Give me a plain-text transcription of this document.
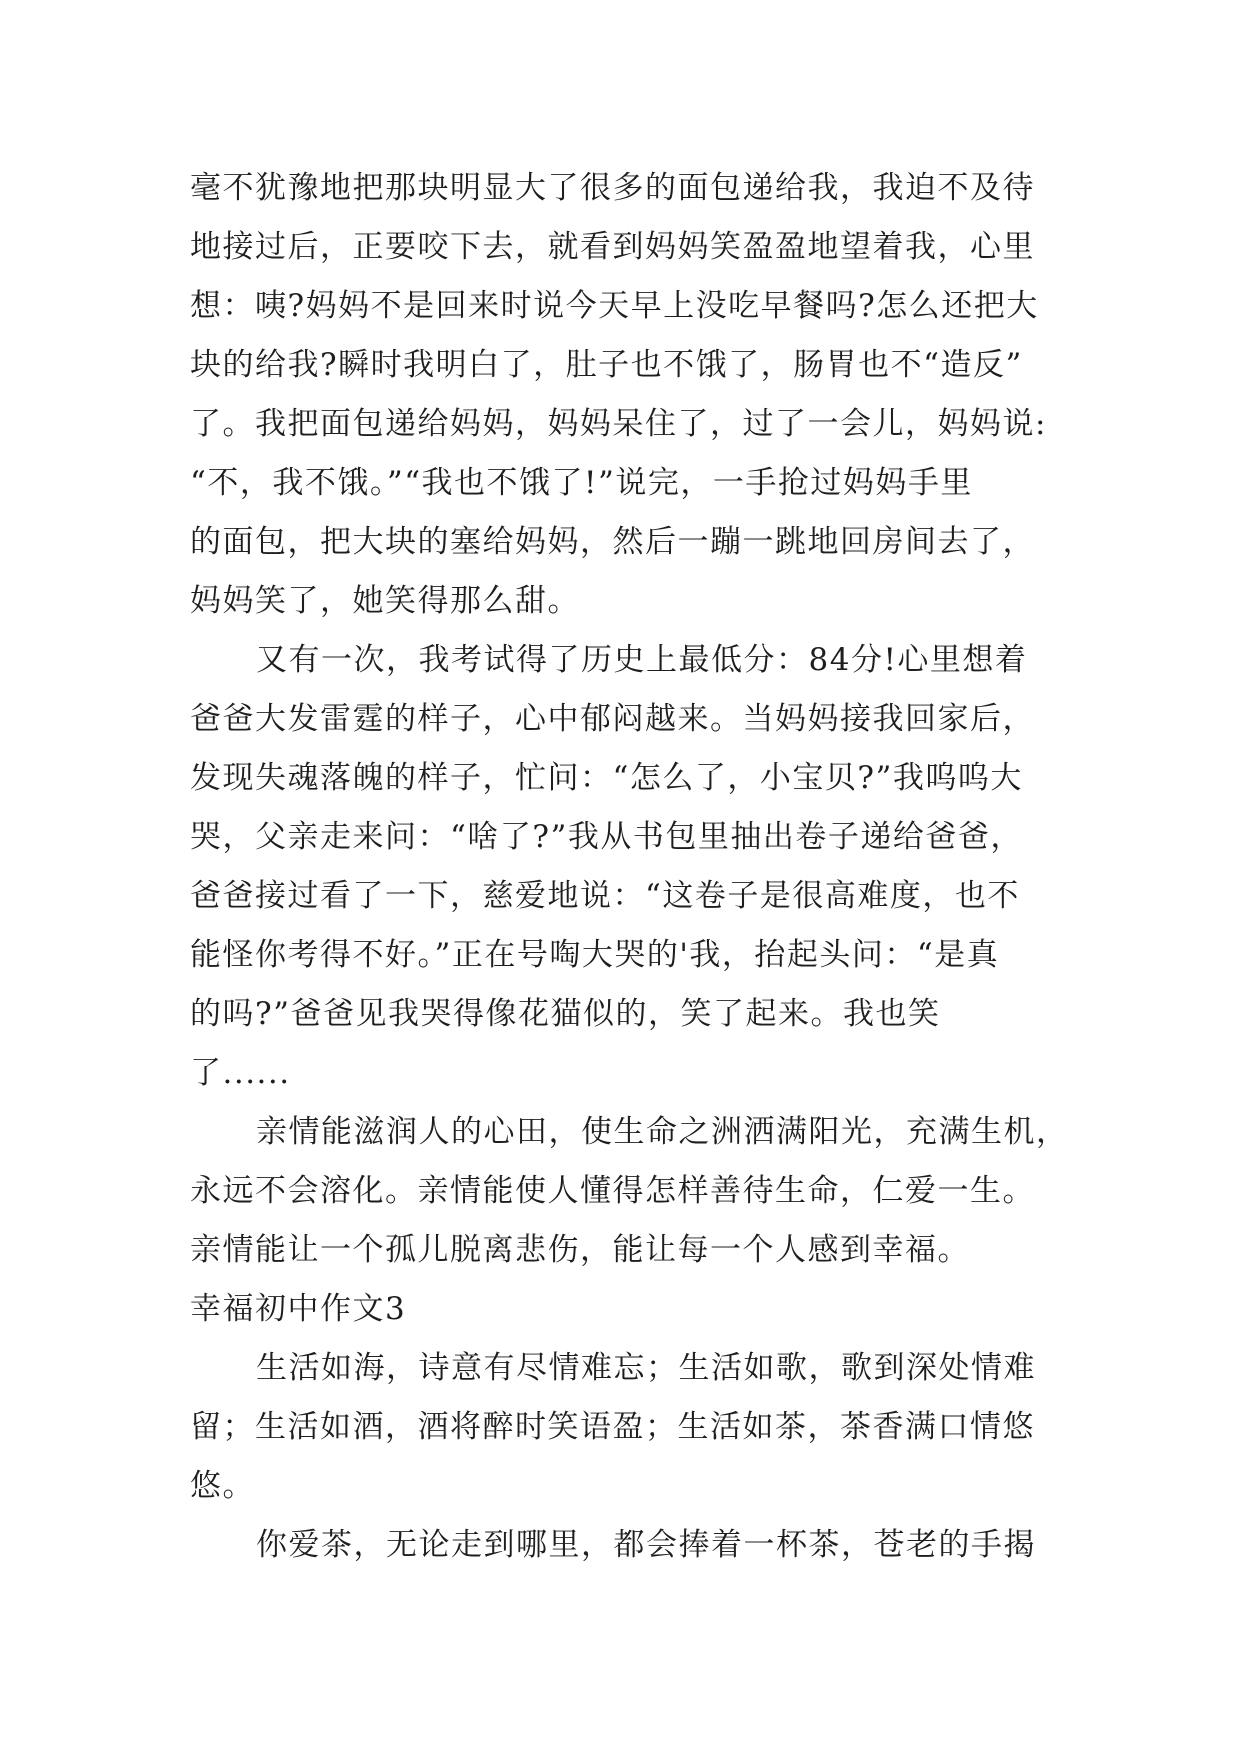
毫不犹豫地把那块明显大了很多的面包递给我，我迫不及待
地接过后，正要咬下去，就看到妈妈笑盈盈地望着我，心里
想：咦?妈妈不是回来时说今天早上没吃早餐吗?怎么还把大
块的给我?瞬时我明白了，肚子也不饿了，肠胃也不“造反”
了。我把面包递给妈妈，妈妈呆住了，过了一会儿，妈妈说:
“不，我不饿。”“我也不饿了!”说完，一手抢过妈妈手里
的面包，把大块的塞给妈妈，然后一蹦一跳地回房间去了，
妈妈笑了，她笑得那么甜。
又有一次，我考试得了历史上最低分：84分!心里想着
爸爸大发雷霆的样子，心中郁闷越来。当妈妈接我回家后，
发现失魂落魄的样子，忙问：“怎么了，小宝贝?”我呜呜大
哭，父亲走来问：“啥了?”我从书包里抽出卷子递给爸爸，
爸爸接过看了一下，慈爱地说：“这卷子是很高难度，也不
能怪你考得不好。”正在号啕大哭的'我，抬起头问：“是真
的吗?”爸爸见我哭得像花猫似的，笑了起来。我也笑
了......
亲情能滋润人的心田，使生命之洲洒满阳光，充满生机，
永远不会溶化。亲情能使人懂得怎样善待生命，仁爱一生。
亲情能让一个孤儿脱离悲伤，能让每一个人感到幸福。
幸福初中作文3
生活如海，诗意有尽情难忘；生活如歌，歌到深处情难
留；生活如酒，酒将醉时笑语盈；生活如茶，茶香满口情悠
悠。
你爱茶，无论走到哪里，都会捧着一杯茶，苍老的手揭
